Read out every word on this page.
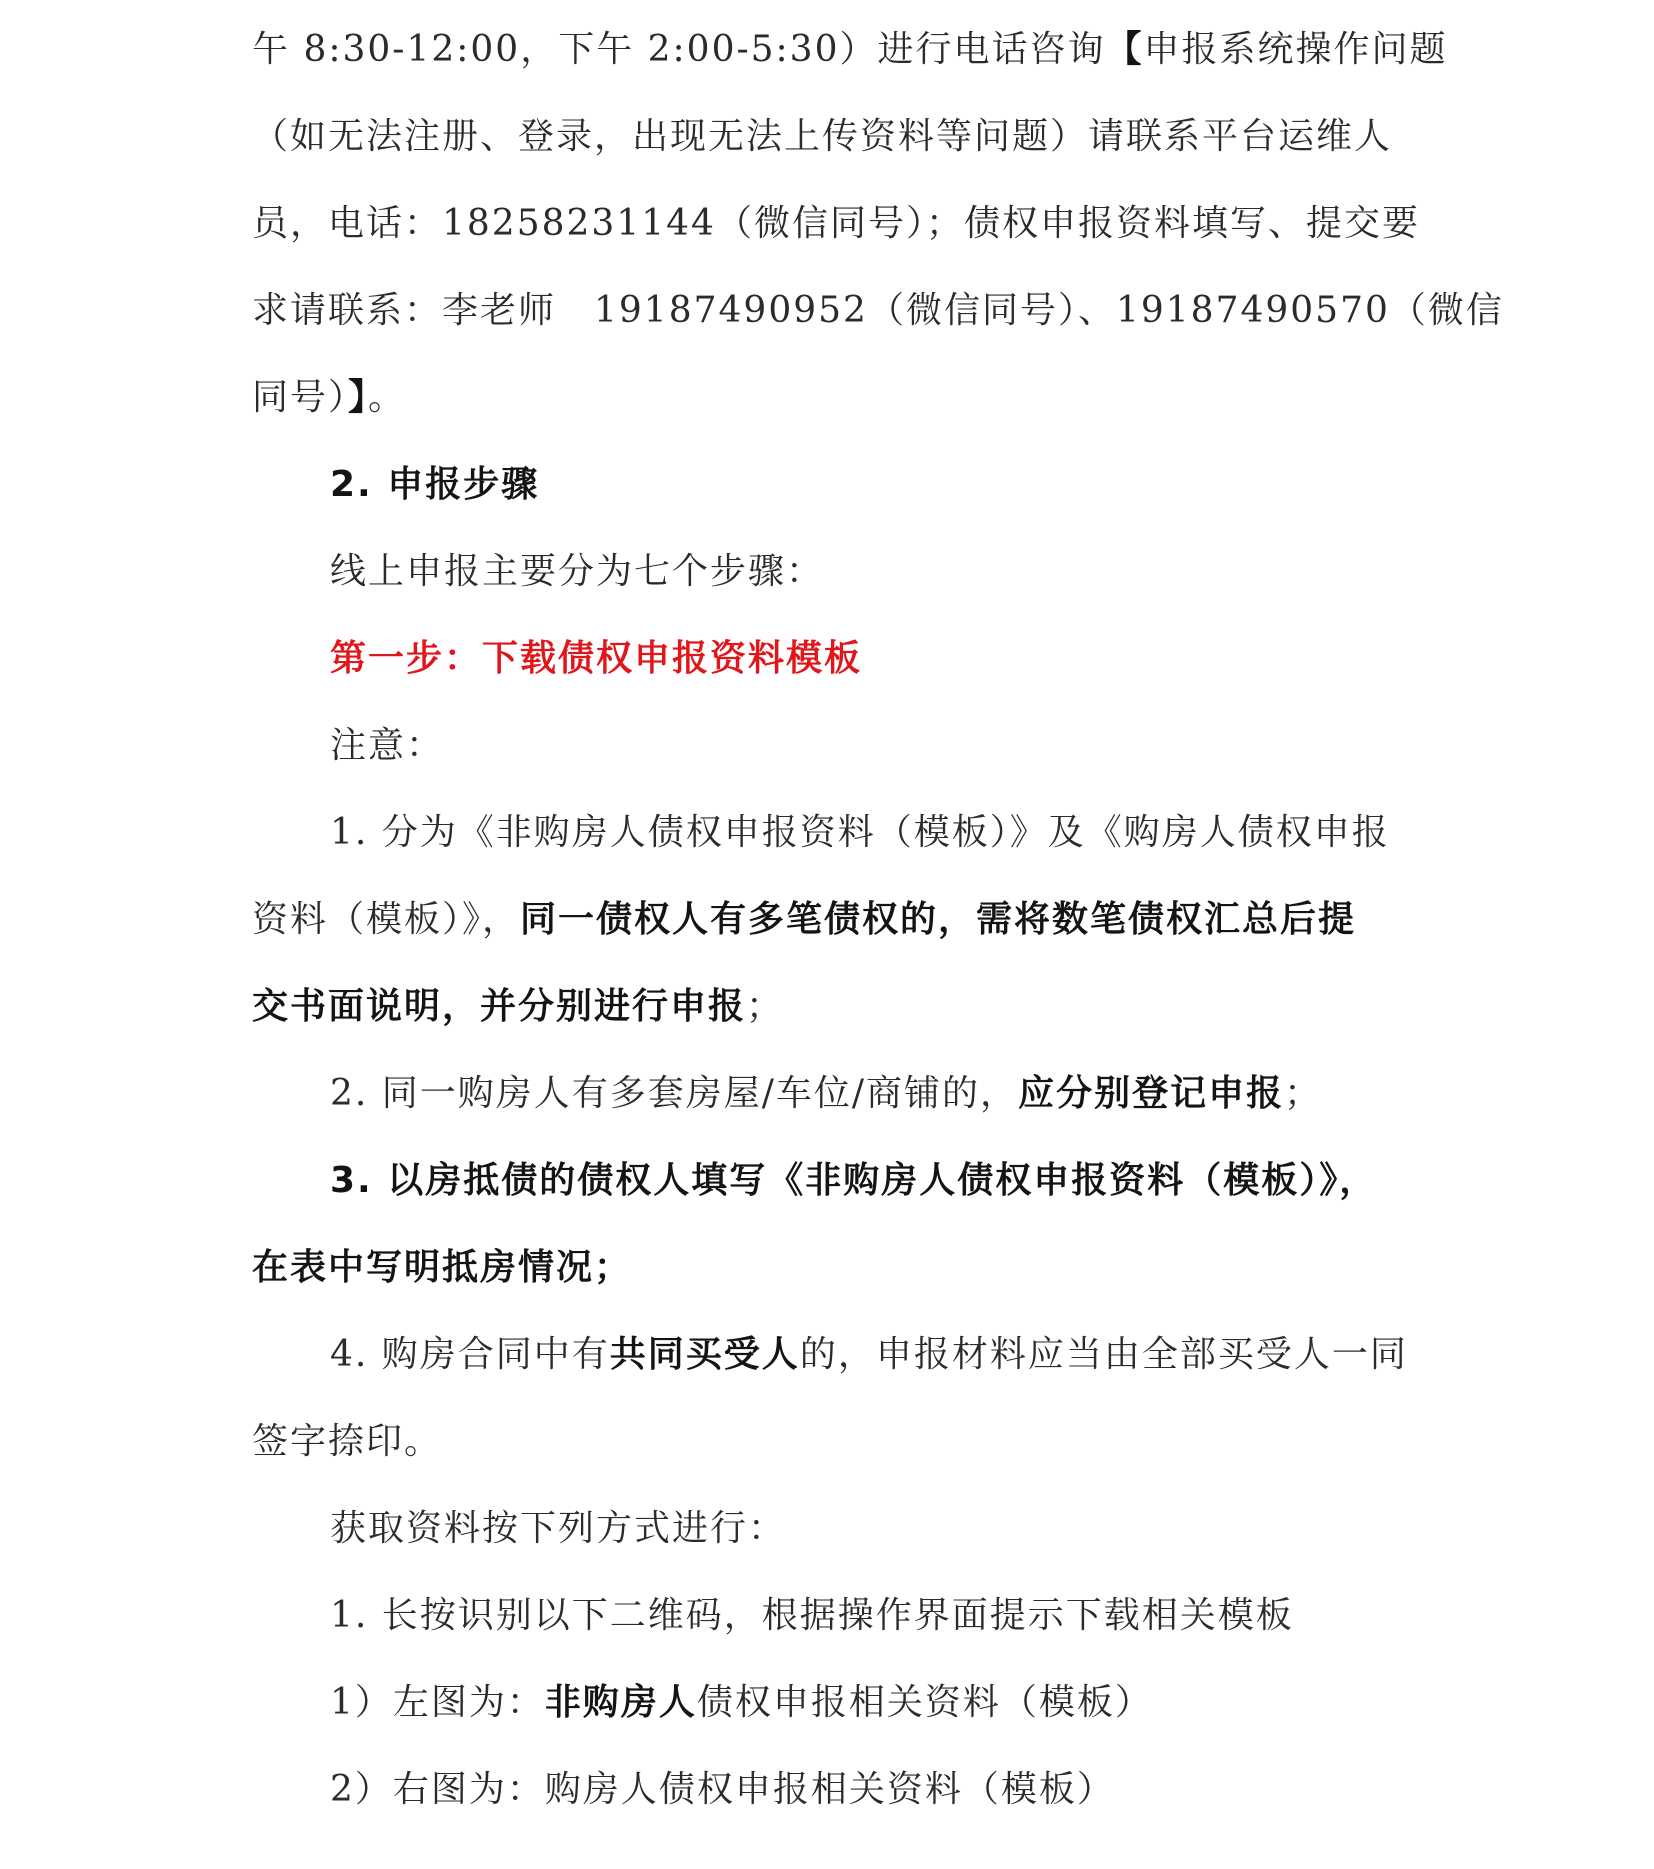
午 8:30-12:00，下午 2:00-5:30）进行电话咨询【申报系统操作问题
（如无法注册、登录，出现无法上传资料等问题）请联系平台运维人
员，电话：18258231144（微信同号）；债权申报资料填写、提交要
求请联系：李老师　19187490952（微信同号）、19187490570（微信
同号）】。
2. 申报步骤
线上申报主要分为七个步骤：
第一步：下载债权申报资料模板
注意：
1. 分为《非购房人债权申报资料（模板）》及《购房人债权申报
资料（模板）》，同一债权人有多笔债权的，需将数笔债权汇总后提
交书面说明，并分别进行申报；
2. 同一购房人有多套房屋/车位/商铺的，应分别登记申报；
3. 以房抵债的债权人填写《非购房人债权申报资料（模板）》，
在表中写明抵房情况；
4. 购房合同中有共同买受人的，申报材料应当由全部买受人一同
签字捺印。
获取资料按下列方式进行：
1. 长按识别以下二维码，根据操作界面提示下载相关模板
1）左图为：非购房人债权申报相关资料（模板）
2）右图为：购房人债权申报相关资料（模板）
